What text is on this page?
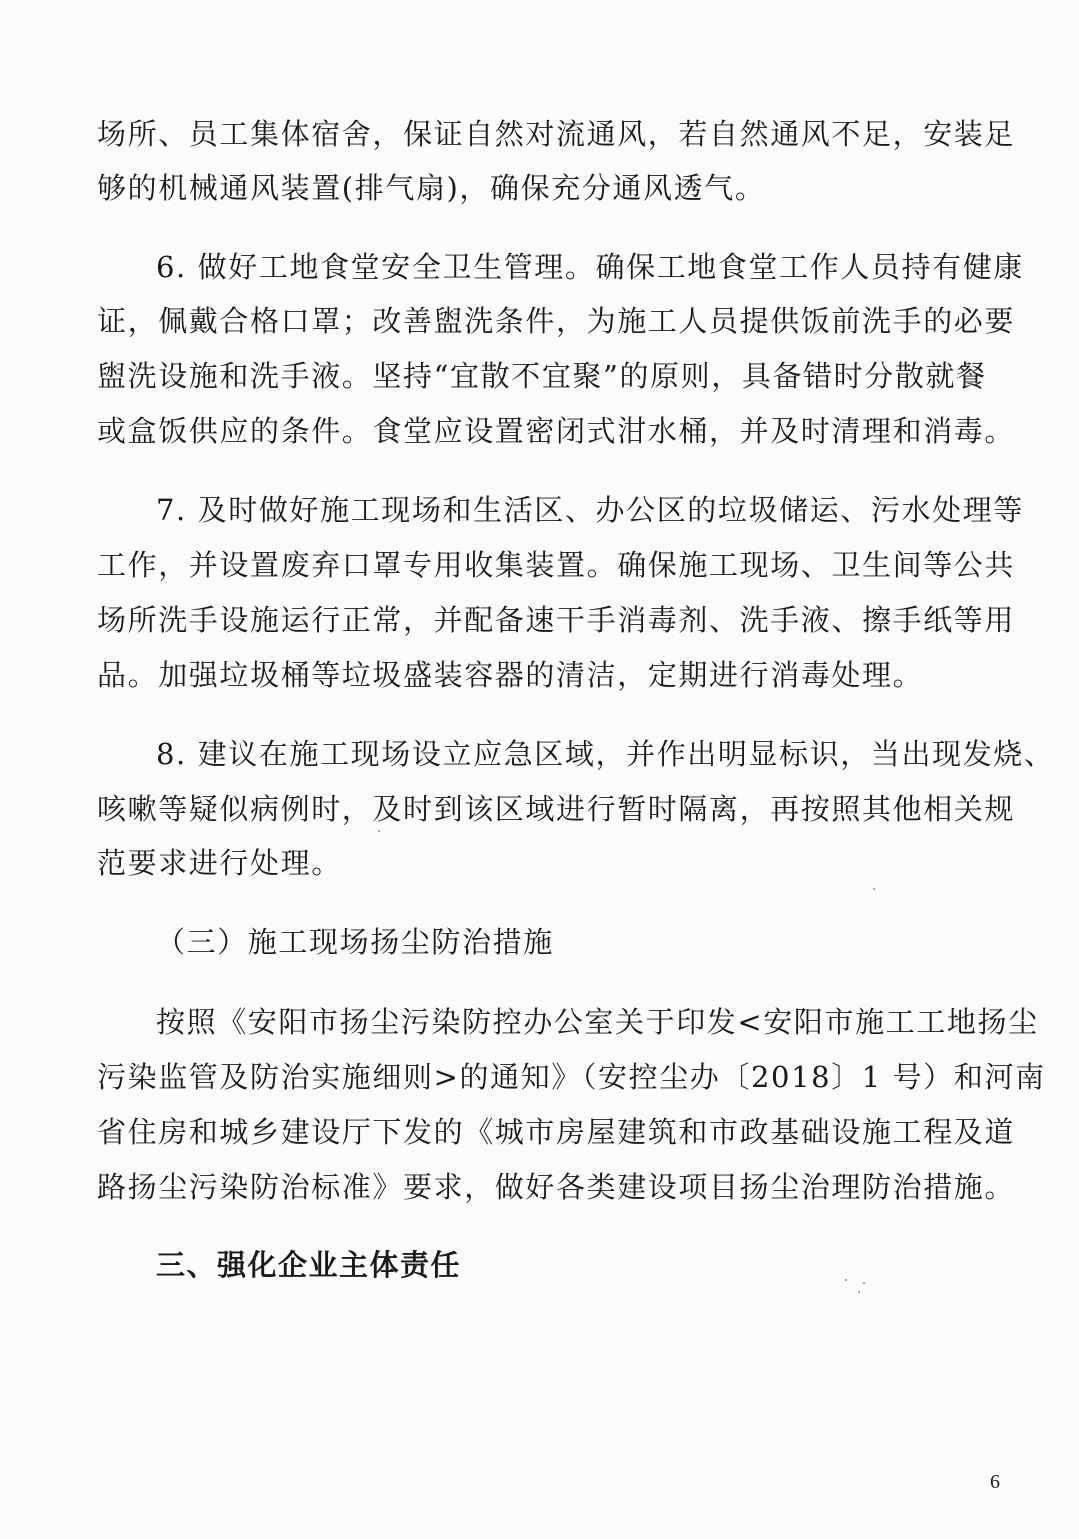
场所、员工集体宿舍，保证自然对流通风，若自然通风不足，安装足
够的机械通风装置(排气扇)，确保充分通风透气。
6. 做好工地食堂安全卫生管理。确保工地食堂工作人员持有健康
证，佩戴合格口罩；改善盥洗条件，为施工人员提供饭前洗手的必要
盥洗设施和洗手液。坚持“宜散不宜聚”的原则，具备错时分散就餐
或盒饭供应的条件。食堂应设置密闭式泔水桶，并及时清理和消毒。
7. 及时做好施工现场和生活区、办公区的垃圾储运、污水处理等
工作，并设置废弃口罩专用收集装置。确保施工现场、卫生间等公共
场所洗手设施运行正常，并配备速干手消毒剂、洗手液、擦手纸等用
品。加强垃圾桶等垃圾盛装容器的清洁，定期进行消毒处理。
8. 建议在施工现场设立应急区域，并作出明显标识，当出现发烧、
咳嗽等疑似病例时，及时到该区域进行暂时隔离，再按照其他相关规
范要求进行处理。
（三）施工现场扬尘防治措施
按照《安阳市扬尘污染防控办公室关于印发<安阳市施工工地扬尘
污染监管及防治实施细则>的通知》（安控尘办〔2018〕1 号）和河南
省住房和城乡建设厅下发的《城市房屋建筑和市政基础设施工程及道
路扬尘污染防治标准》要求，做好各类建设项目扬尘治理防治措施。
三、强化企业主体责任
6
